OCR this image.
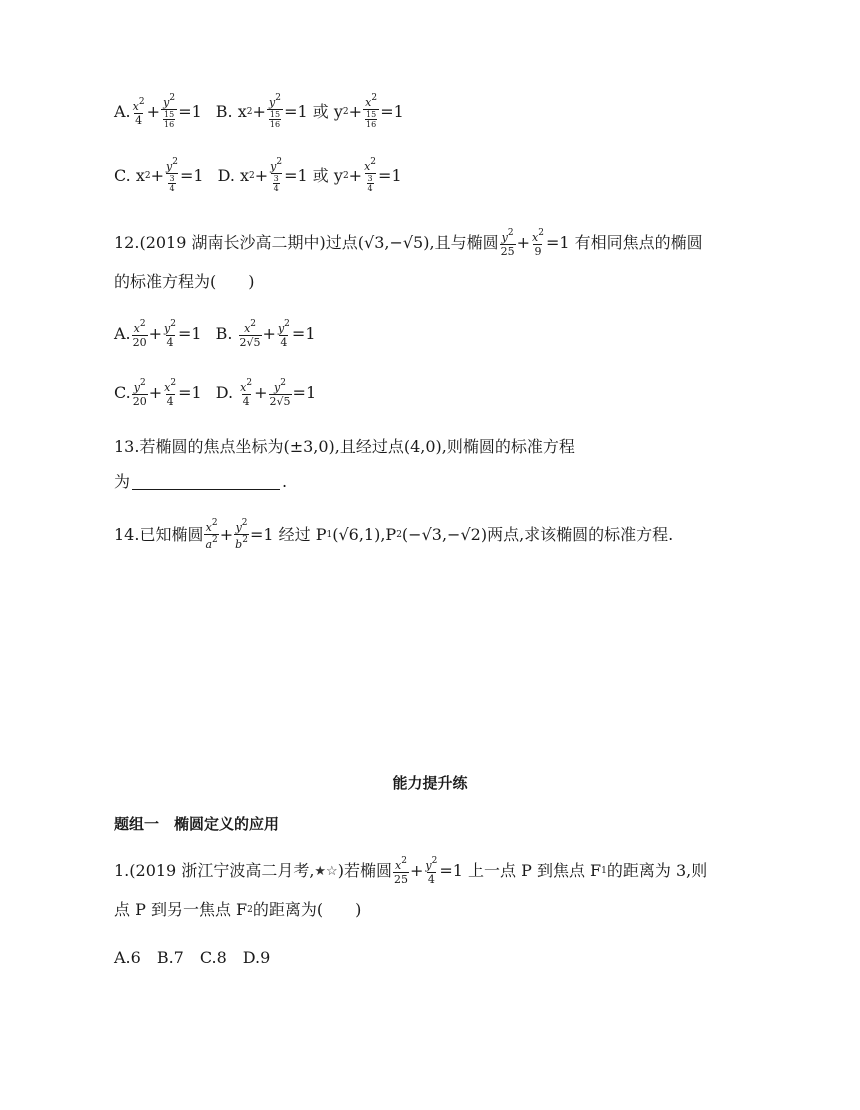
A. $\frac{x^2}{4} + \frac{y^2}{\frac{15}{16}} =1$ B. x $2 + \frac{y^2}{\frac{15}{16}} =1$
或 y $2 + \frac{x^2}{\frac{15}{16}} =1$
C. x $2 + \frac{y^2}{\frac{3}{4}} =1$ D. x $2 + \frac{y^2}{\frac{3}{4}} =1$
或 y $2 + \frac{x^2}{\frac{3}{4}} =1$
12.(2019 湖南长沙高二期中)过点 (√3,−√5) ,且与椭圆 $\frac{y^2}{25} + \frac{x^2}{9} =1$ 有相同焦点的椭圆
的标准方程为(　　)
A. $\frac{x^2}{20} + \frac{y^2}{4} =1$ B.
$\frac{x^2}{2√5} + \frac{y^2}{4} =1$
C. $\frac{y^2}{20} + \frac{x^2}{4} =1$ D.
$\frac{x^2}{4} + \frac{y^2}{2√5} =1$
13.若椭圆的焦点坐标为(±3,0),且经过点(4,0),则椭圆的标准方程
为	.
14.已知椭圆 $\frac{x^2}{a^2} + \frac{y^2}{b^2} =1$ 经过 P 1 (√6,1),P 2 (−√3,−√2) 两点,求该椭圆的标准方程.
能力提升练
题组一　椭圆定义的应用
1.(2019 浙江宁波高二月考, ★☆ )若椭圆 $\frac{x^2}{25} + \frac{y^2}{4} =1$ 上一点 P 到焦点 F 1 的距离为 3,则
点 P 到另一焦点 F 2 的距离为(　　)
A.6　B.7　C.8　D.9
